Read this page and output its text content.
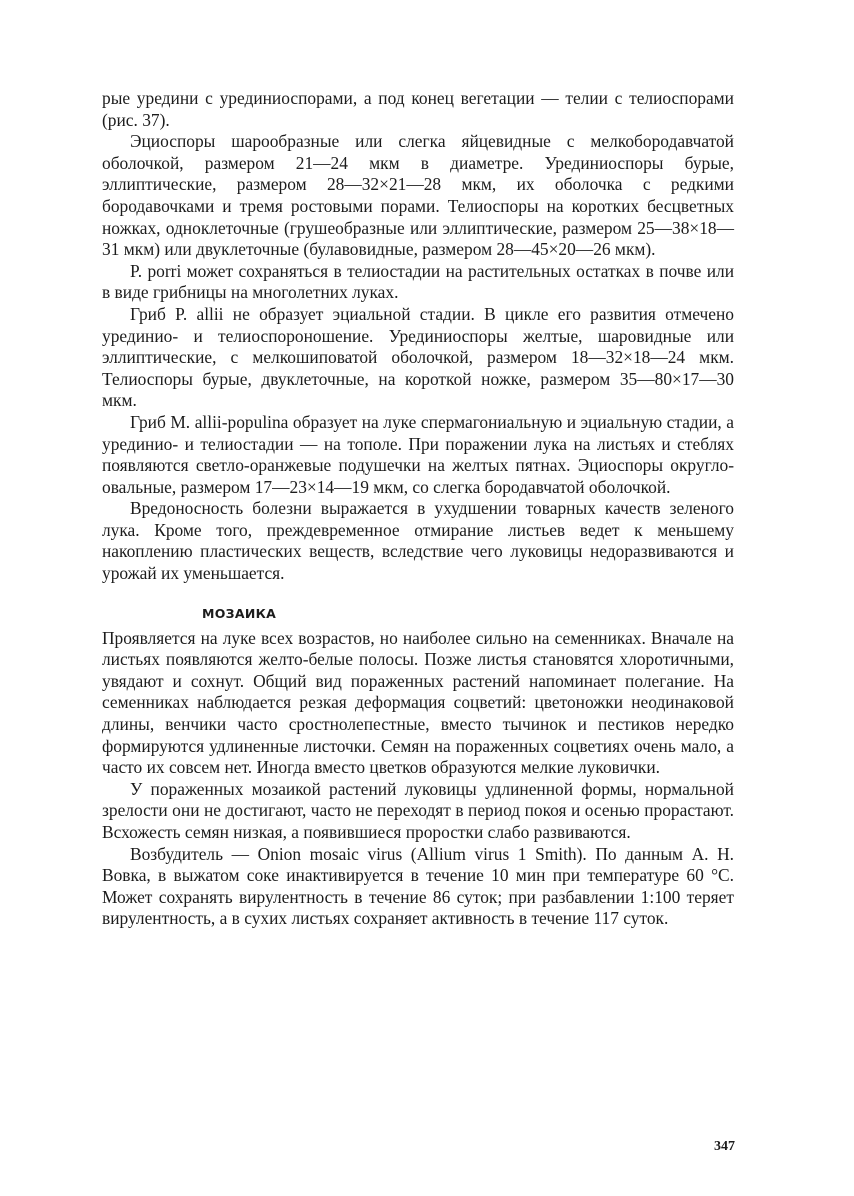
рые уредини с урединиоспорами, а под конец вегетации — телии с телиоспорами (рис. 37).

Эциоспоры шарообразные или слегка яйцевидные с мелкобородавчатой оболочкой, размером 21—24 мкм в диаметре. Урединиоспоры бурые, эллиптические, размером 28—32×21—28 мкм, их оболочка с редкими бородавочками и тремя ростовыми порами. Телиоспоры на коротких бесцветных ножках, одноклеточные (грушеобразные или эллиптические, размером 25—38×18—31 мкм) или двуклеточные (булавовидные, размером 28—45×20—26 мкм).

P. porri может сохраняться в телиостадии на растительных остатках в почве или в виде грибницы на многолетних луках.

Гриб P. allii не образует эциальной стадии. В цикле его развития отмечено урединио- и телиоспороношение. Урединиоспоры желтые, шаровидные или эллиптические, с мелкошиповатой оболочкой, размером 18—32×18—24 мкм. Телиоспоры бурые, двуклеточные, на короткой ножке, размером 35—80×17—30 мкм.

Гриб M. allii-populina образует на луке спермагониальную и эциальную стадии, а урединио- и телиостадии — на тополе. При поражении лука на листьях и стеблях появляются светло-оранжевые подушечки на желтых пятнах. Эциоспоры округло-овальные, размером 17—23×14—19 мкм, со слегка бородавчатой оболочкой.

Вредоносность болезни выражается в ухудшении товарных качеств зеленого лука. Кроме того, преждевременное отмирание листьев ведет к меньшему накоплению пластических веществ, вследствие чего луковицы недоразвиваются и урожай их уменьшается.

МОЗАИКА

Проявляется на луке всех возрастов, но наиболее сильно на семенниках. Вначале на листьях появляются желто-белые полосы. Позже листья становятся хлоротичными, увядают и сохнут. Общий вид пораженных растений напоминает полегание. На семенниках наблюдается резкая деформация соцветий: цветоножки неодинаковой длины, венчики часто сростнолепестные, вместо тычинок и пестиков нередко формируются удлиненные листочки. Семян на пораженных соцветиях очень мало, а часто их совсем нет. Иногда вместо цветков образуются мелкие луковички.

У пораженных мозаикой растений луковицы удлиненной формы, нормальной зрелости они не достигают, часто не переходят в период покоя и осенью прорастают. Всхожесть семян низкая, а появившиеся проростки слабо развиваются.

Возбудитель — Onion mosaic virus (Allium virus 1 Smith). По данным А. Н. Вовка, в выжатом соке инактивируется в течение 10 мин при температуре 60 °С. Может сохранять вирулентность в течение 86 суток; при разбавлении 1:100 теряет вирулентность, а в сухих листьях сохраняет активность в течение 117 суток.

347
